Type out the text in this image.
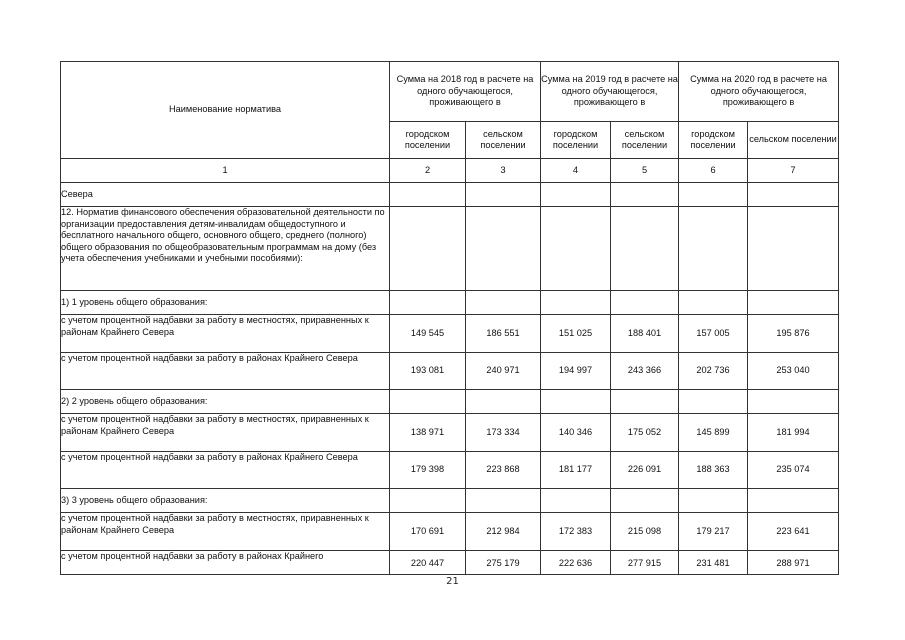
Наименование норматива	Сумма на 2018 год в расчете на одного обучающегося, проживающего в		Сумма на 2019 год в расчете на одного обучающегося, проживающего в		Сумма на 2020 год в расчете на одного обучающегося, проживающего в	
	городском поселении	сельском поселении	городском поселении	сельском поселении	городском поселении	сельском поселении
1	2	3	4	5	6	7
Севера						
12. Норматив финансового обеспечения образовательной деятельности по организации предоставления детям-инвалидам общедоступного и бесплатного начального общего, основного общего, среднего (полного) общего образования по общеобразовательным программам на дому (без учета обеспечения учебниками и учебными пособиями):						
1) 1 уровень общего образования:						
с учетом процентной надбавки за работу в местностях, приравненных к районам Крайнего Севера	149 545	186 551	151 025	188 401	157 005	195 876
с учетом процентной надбавки за работу в районах Крайнего Севера	193 081	240 971	194 997	243 366	202 736	253 040
2) 2 уровень общего образования:						
с учетом процентной надбавки за работу в местностях, приравненных к районам Крайнего Севера	138 971	173 334	140 346	175 052	145 899	181 994
с учетом процентной надбавки за работу в районах Крайнего Севера	179 398	223 868	181 177	226 091	188 363	235 074
3) 3 уровень общего образования:						
с учетом процентной надбавки за работу в местностях, приравненных к районам Крайнего Севера	170 691	212 984	172 383	215 098	179 217	223 641
с учетом процентной надбавки за работу в районах Крайнего	220 447	275 179	222 636	277 915	231 481	288 971
21
